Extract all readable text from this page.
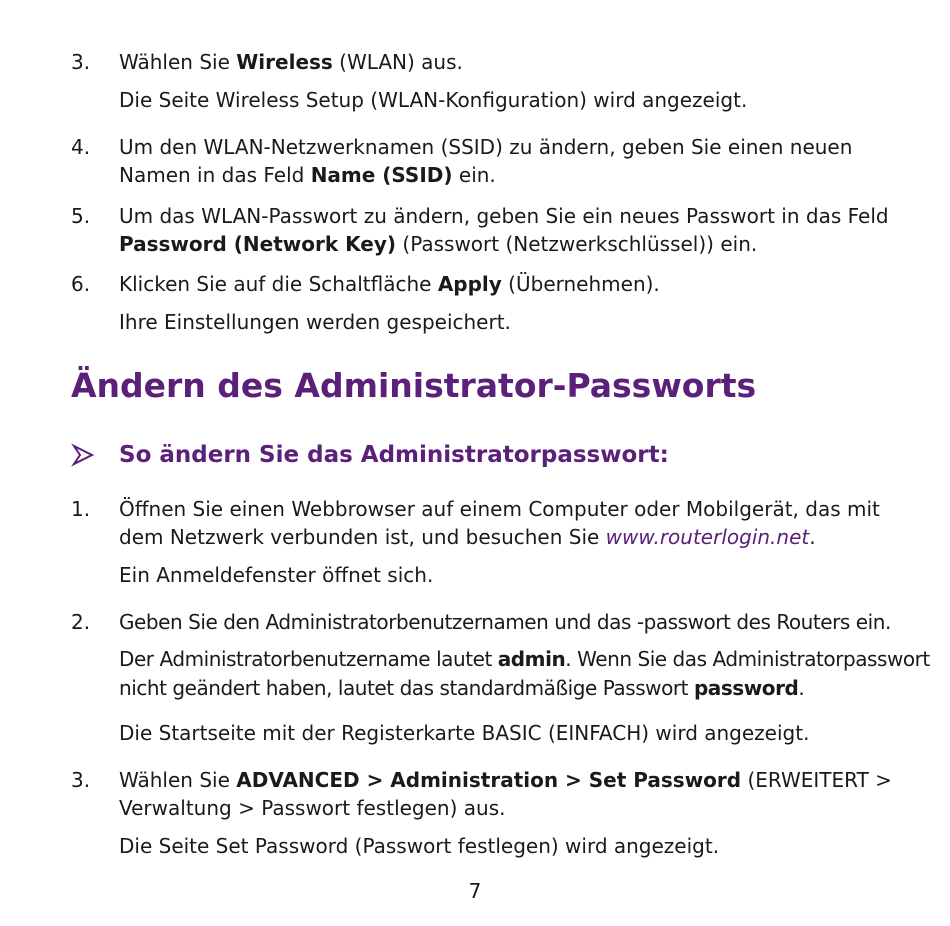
3. Wählen Sie Wireless (WLAN) aus.
Die Seite Wireless Setup (WLAN-Konfiguration) wird angezeigt.
4. Um den WLAN-Netzwerknamen (SSID) zu ändern, geben Sie einen neuen
Namen in das Feld Name (SSID) ein.
5. Um das WLAN-Passwort zu ändern, geben Sie ein neues Passwort in das Feld
Password (Network Key) (Passwort (Netzwerkschlüssel)) ein.
6. Klicken Sie auf die Schaltfläche Apply (Übernehmen).
Ihre Einstellungen werden gespeichert.
Ändern des Administrator-Passworts
So ändern Sie das Administratorpasswort:
1. Öffnen Sie einen Webbrowser auf einem Computer oder Mobilgerät, das mit
dem Netzwerk verbunden ist, und besuchen Sie www.routerlogin.net.
Ein Anmeldefenster öffnet sich.
2. Geben Sie den Administratorbenutzernamen und das -passwort des Routers ein.
Der Administratorbenutzername lautet admin. Wenn Sie das Administratorpasswort
nicht geändert haben, lautet das standardmäßige Passwort password.
Die Startseite mit der Registerkarte BASIC (EINFACH) wird angezeigt.
3. Wählen Sie ADVANCED > Administration > Set Password (ERWEITERT >
Verwaltung > Passwort festlegen) aus.
Die Seite Set Password (Passwort festlegen) wird angezeigt.
7
